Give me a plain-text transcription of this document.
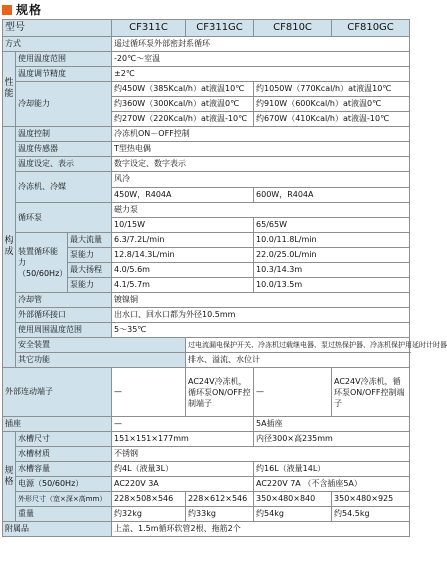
规格
型号			CF311C	CF311GC	CF810C	CF810GC
方式			遥过循环泵外部密封系循环			
性能	使用温度范围		-20℃～室温			
	温度调节精度		±2℃			
	冷却能力		约450W（385Kcal/h）at液温10℃		约1050W（770Kcal/h）at液温10℃	
			约360W（300Kcal/h）at液温0℃		约910W（600Kcal/h）at液温0℃	
			约270W（220Kcal/h）at液温-10℃		约670W（410Kcal/h）at液温-10℃	
构成	温度控制		冷冻机ON－OFF控制			
	温度传感器		T型热电偶			
	温度设定、表示		数字设定、数字表示			
	冷冻机、冷媒		风冷			
			450W，R404A		600W，R404A	
	循环泵		磁力泵			
			10/15W		65/65W	
	装置循环能力（50/60Hz）	最大流量	6.3/7.2L/min		10.0/11.8L/min	
		泵能力	12.8/14.3L/min		22.0/25.0L/min	
		最大扬程	4.0/5.6m		10.3/14.3m	
		泵能力	4.1/5.7m		10.0/13.5m	
	冷却管		镀镍铜			
	外部循环接口		出水口、回水口都为外径10.5mm			
	使用周围温度范围		5～35℃			
	安全装置			过电流漏电保护开关、冷冻机过载继电器、泵过热保护器、冷冻机保护用延时计时器		
	其它功能			排水、溢流、水位计		
外部连动端子			—	AC24V冷冻机，循环泵ON/OFF控制端子	—	AC24V冷冻机，循环泵ON/OFF控制端子
插座			—		5A插座	
规格	水槽尺寸		151×151×177mm		内径300×高235mm	
	水槽材质		不锈钢			
	水槽容量		约4L（液量3L）		约16L（液量14L）	
	电源（50/60Hz）		AC220V 3A		AC220V 7A （不含插座5A）	
	外形尺寸（宽×深×高mm）		228×508×546	228×612×546	350×480×840	350×480×925
	重量		约32kg	约33kg	约54kg	约54.5kg
附属品			上盖、1.5m循环软管2根、拖筋2个			
